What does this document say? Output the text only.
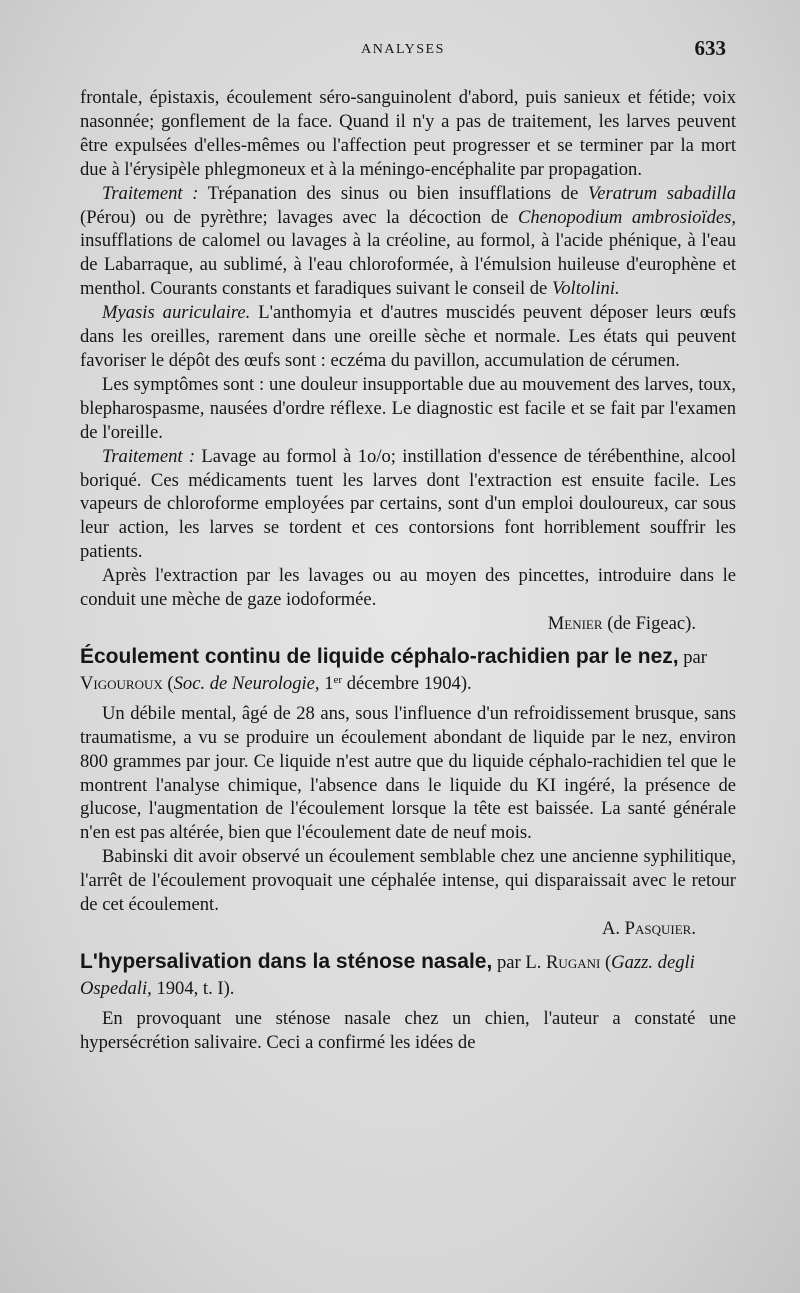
ANALYSES	633

frontale, épistaxis, écoulement séro-sanguinolent d'abord, puis sanieux et fétide; voix nasonnée; gonflement de la face. Quand il n'y a pas de traitement, les larves peuvent être expulsées d'elles-mêmes ou l'affection peut progresser et se terminer par la mort due à l'érysipèle phlegmoneux et à la méningo-encéphalite par propagation.

Traitement : Trépanation des sinus ou bien insufflations de Veratrum sabadilla (Pérou) ou de pyrèthre; lavages avec la décoction de Chenopodium ambrosioïdes, insufflations de calomel ou lavages à la créoline, au formol, à l'acide phénique, à l'eau de Labarraque, au sublimé, à l'eau chloroformée, à l'émulsion huileuse d'europhène et menthol. Courants constants et faradiques suivant le conseil de Voltolini.

Myasis auriculaire. L'anthomyia et d'autres muscidés peuvent déposer leurs œufs dans les oreilles, rarement dans une oreille sèche et normale. Les états qui peuvent favoriser le dépôt des œufs sont : eczéma du pavillon, accumulation de cérumen.

Les symptômes sont : une douleur insupportable due au mouvement des larves, toux, blepharospasme, nausées d'ordre réflexe. Le diagnostic est facile et se fait par l'examen de l'oreille.

Traitement : Lavage au formol à 1o/o; instillation d'essence de térébenthine, alcool boriqué. Ces médicaments tuent les larves dont l'extraction est ensuite facile. Les vapeurs de chloroforme employées par certains, sont d'un emploi douloureux, car sous leur action, les larves se tordent et ces contorsions font horriblement souffrir les patients.

Après l'extraction par les lavages ou au moyen des pincettes, introduire dans le conduit une mèche de gaze iodoformée.

Menier (de Figeac).

Écoulement continu de liquide céphalo-rachidien par le nez, par Vigouroux (Soc. de Neurologie, 1er décembre 1904).

Un débile mental, âgé de 28 ans, sous l'influence d'un refroidissement brusque, sans traumatisme, a vu se produire un écoulement abondant de liquide par le nez, environ 800 grammes par jour. Ce liquide n'est autre que du liquide céphalo-rachidien tel que le montrent l'analyse chimique, l'absence dans le liquide du KI ingéré, la présence de glucose, l'augmentation de l'écoulement lorsque la tête est baissée. La santé générale n'en est pas altérée, bien que l'écoulement date de neuf mois.

Babinski dit avoir observé un écoulement semblable chez une ancienne syphilitique, l'arrêt de l'écoulement provoquait une céphalée intense, qui disparaissait avec le retour de cet écoulement.

A. Pasquier.

L'hypersalivation dans la sténose nasale, par L. Rugani (Gazz. degli Ospedali, 1904, t. I).

En provoquant une sténose nasale chez un chien, l'auteur a constaté une hypersécrétion salivaire. Ceci a confirmé les idées de
